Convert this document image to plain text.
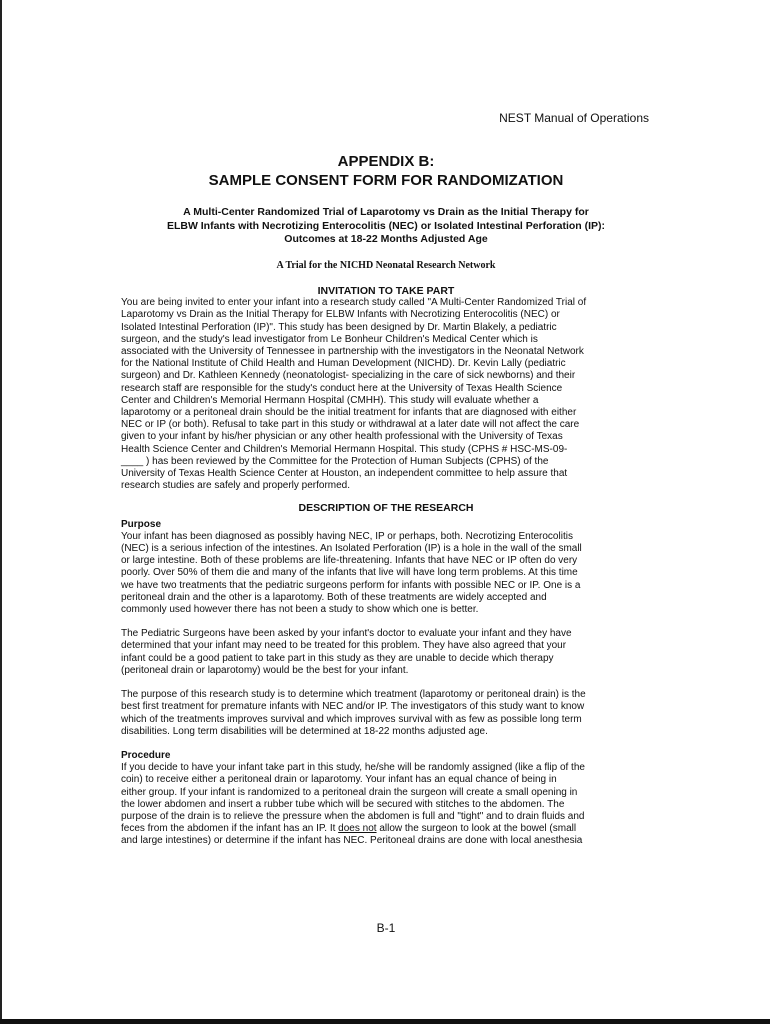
NEST Manual of Operations

APPENDIX B:
SAMPLE CONSENT FORM FOR RANDOMIZATION
A Multi-Center Randomized Trial of Laparotomy vs Drain as the Initial Therapy for
ELBW Infants with Necrotizing Enterocolitis (NEC) or Isolated Intestinal Perforation (IP):
Outcomes at 18-22 Months Adjusted Age

A Trial for the NICHD Neonatal Research Network

INVITATION TO TAKE PART

You are being invited to enter your infant into a research study called "A Multi-Center Randomized Trial of
Laparotomy vs Drain as the Initial Therapy for ELBW Infants with Necrotizing Enterocolitis (NEC) or
Isolated Intestinal Perforation (IP)". This study has been designed by Dr. Martin Blakely, a pediatric
surgeon, and the study's lead investigator from Le Bonheur Children's Medical Center which is
associated with the University of Tennessee in partnership with the investigators in the Neonatal Network
for the National Institute of Child Health and Human Development (NICHD). Dr. Kevin Lally (pediatric
surgeon) and Dr. Kathleen Kennedy (neonatologist- specializing in the care of sick newborns) and their
research staff are responsible for the study's conduct here at the University of Texas Health Science
Center and Children's Memorial Hermann Hospital (CMHH). This study will evaluate whether a
laparotomy or a peritoneal drain should be the initial treatment for infants that are diagnosed with either
NEC or IP (or both). Refusal to take part in this study or withdrawal at a later date will not affect the care
given to your infant by his/her physician or any other health professional with the University of Texas
Health Science Center and Children's Memorial Hermann Hospital. This study (CPHS # HSC-MS-09-
____ ) has been reviewed by the Committee for the Protection of Human Subjects (CPHS) of the
University of Texas Health Science Center at Houston, an independent committee to help assure that
research studies are safely and properly performed.

DESCRIPTION OF THE RESEARCH

Purpose

Your infant has been diagnosed as possibly having NEC, IP or perhaps, both. Necrotizing Enterocolitis
(NEC) is a serious infection of the intestines. An Isolated Perforation (IP) is a hole in the wall of the small
or large intestine. Both of these problems are life-threatening. Infants that have NEC or IP often do very
poorly. Over 50% of them die and many of the infants that live will have long term problems. At this time
we have two treatments that the pediatric surgeons perform for infants with possible NEC or IP. One is a
peritoneal drain and the other is a laparotomy. Both of these treatments are widely accepted and
commonly used however there has not been a study to show which one is better.
The Pediatric Surgeons have been asked by your infant's doctor to evaluate your infant and they have
determined that your infant may need to be treated for this problem. They have also agreed that your
infant could be a good patient to take part in this study as they are unable to decide which therapy
(peritoneal drain or laparotomy) would be the best for your infant.
The purpose of this research study is to determine which treatment (laparotomy or peritoneal drain) is the
best first treatment for premature infants with NEC and/or IP. The investigators of this study want to know
which of the treatments improves survival and which improves survival with as few as possible long term
disabilities. Long term disabilities will be determined at 18-22 months adjusted age.

Procedure

If you decide to have your infant take part in this study, he/she will be randomly assigned (like a flip of the
coin) to receive either a peritoneal drain or laparotomy. Your infant has an equal chance of being in
either group. If your infant is randomized to a peritoneal drain the surgeon will create a small opening in
the lower abdomen and insert a rubber tube which will be secured with stitches to the abdomen. The
purpose of the drain is to relieve the pressure when the abdomen is full and "tight" and to drain fluids and
feces from the abdomen if the infant has an IP. It does not allow the surgeon to look at the bowel (small
and large intestines) or determine if the infant has NEC. Peritoneal drains are done with local anesthesia

B-1
